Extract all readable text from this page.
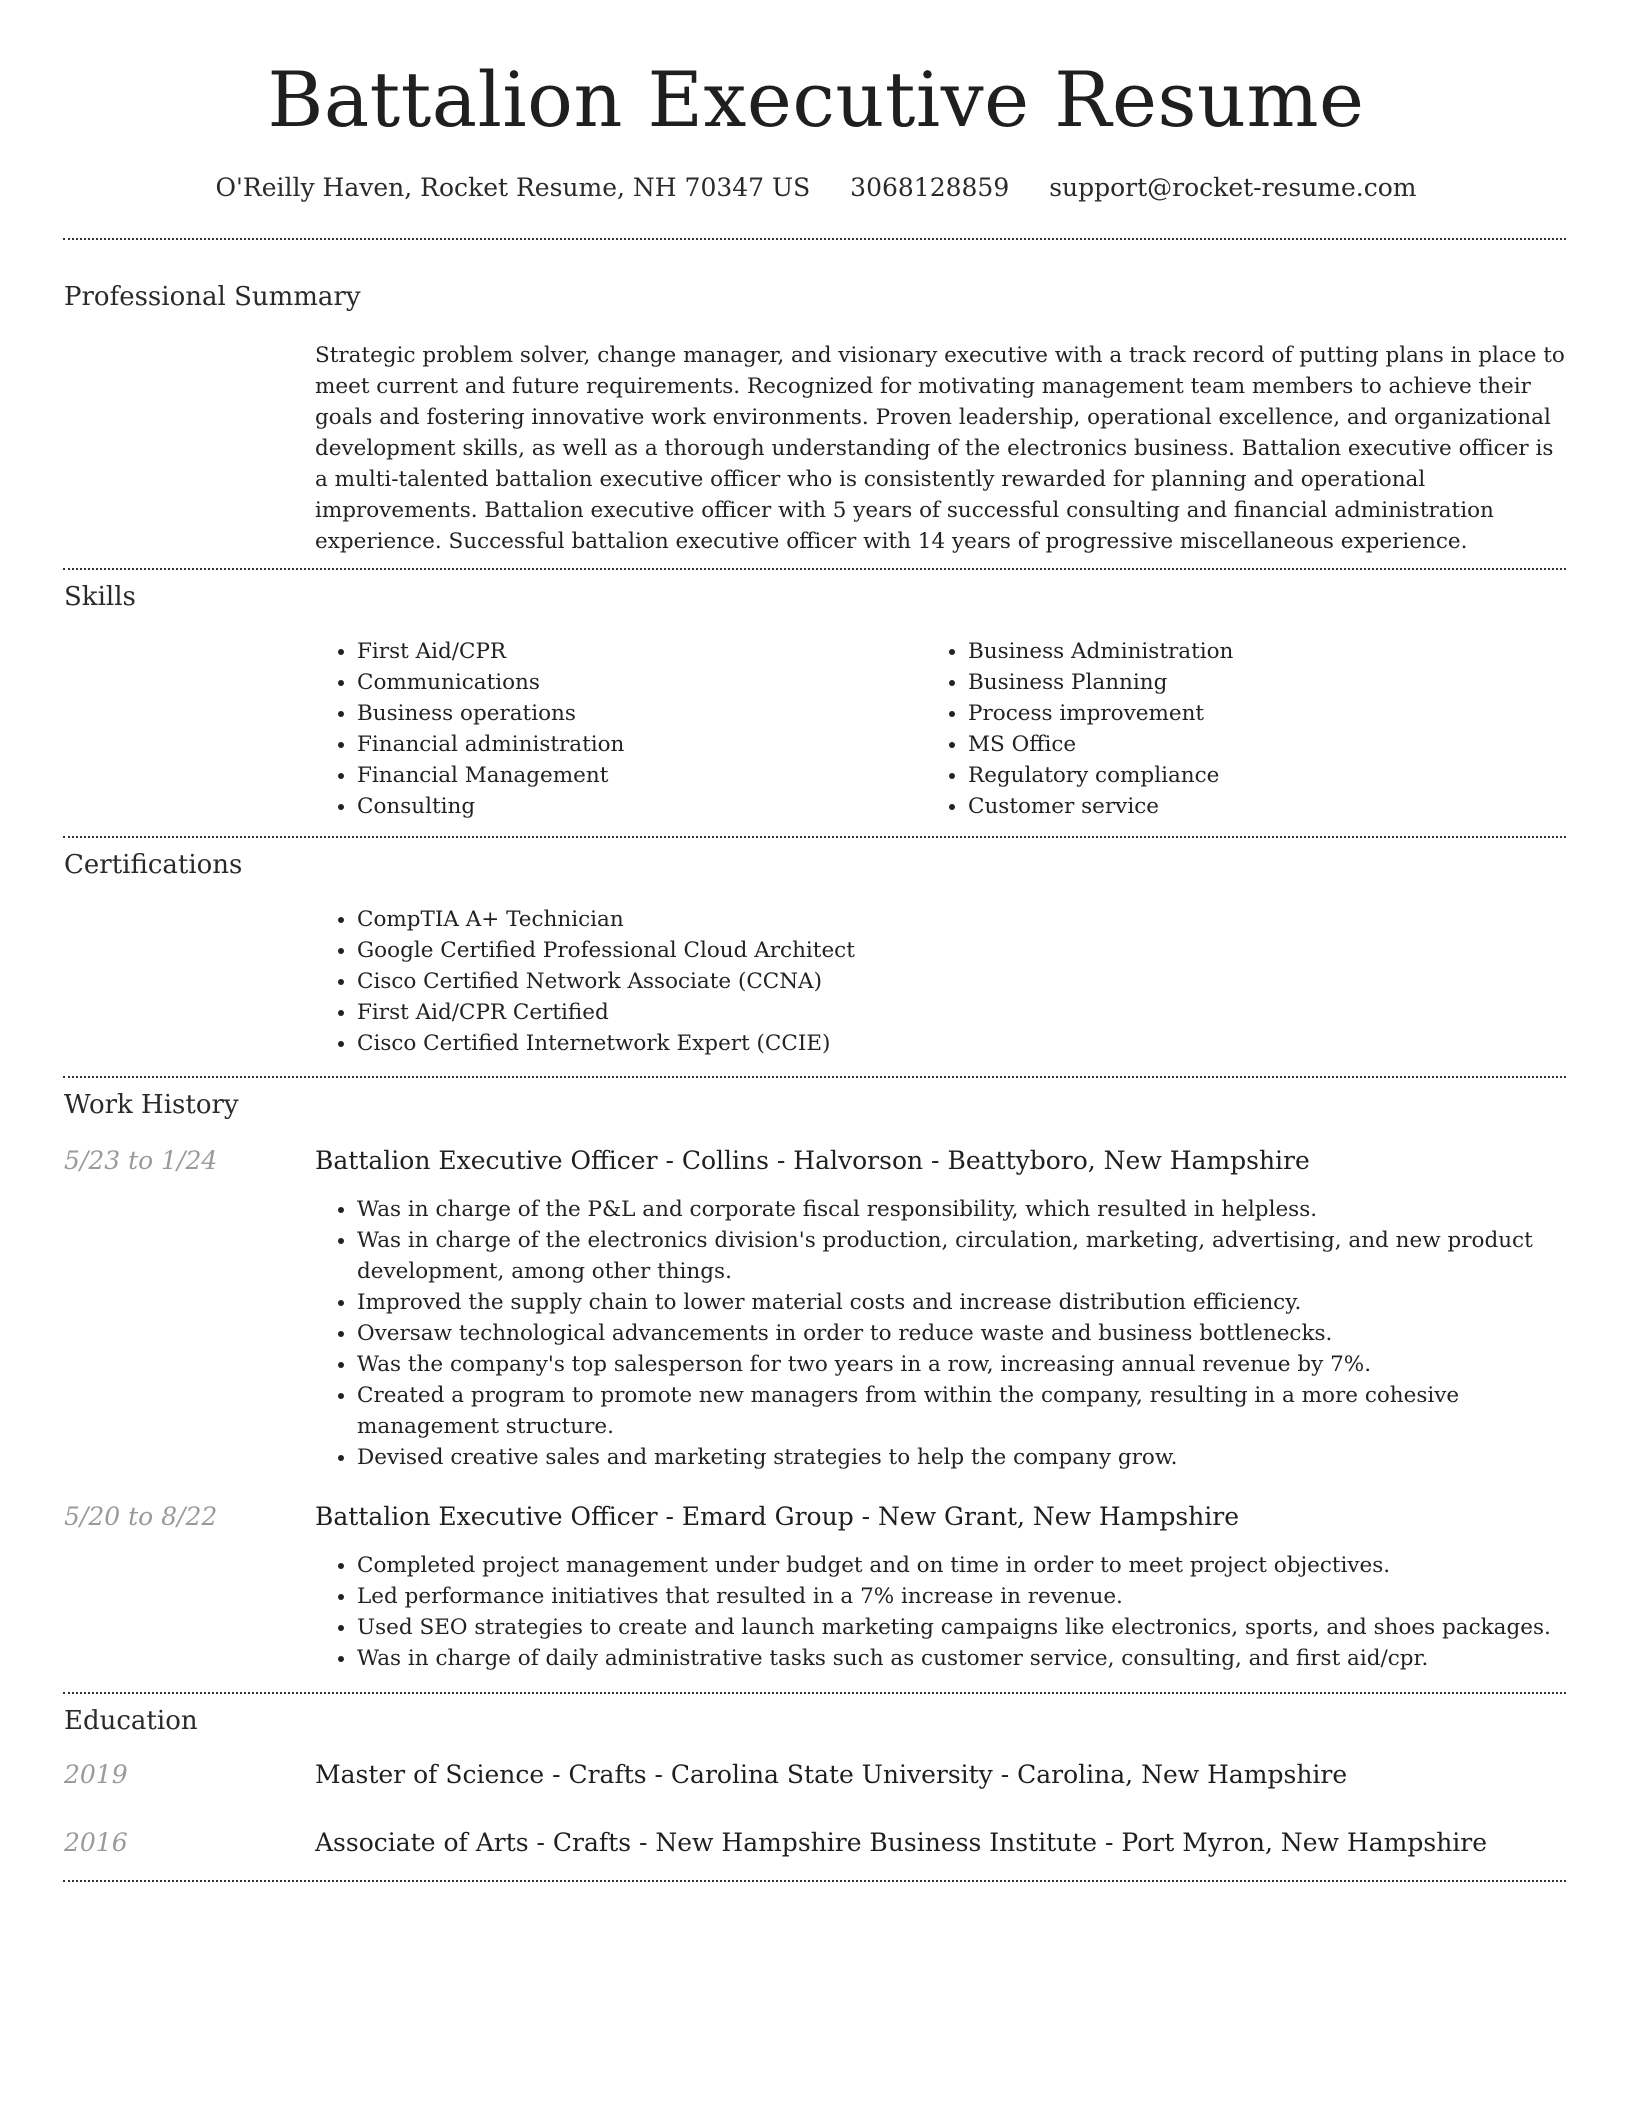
Battalion Executive Resume
O'Reilly Haven, Rocket Resume, NH 70347 US 3068128859 support@rocket-resume.com
Professional Summary
Strategic problem solver, change manager, and visionary executive with a track record of putting plans in place to meet current and future requirements. Recognized for motivating management team members to achieve their goals and fostering innovative work environments. Proven leadership, operational excellence, and organizational development skills, as well as a thorough understanding of the electronics business. Battalion executive officer is a multi-talented battalion executive officer who is consistently rewarded for planning and operational improvements. Battalion executive officer with 5 years of successful consulting and financial administration experience. Successful battalion executive officer with 14 years of progressive miscellaneous experience.
Skills
• First Aid/CPR
• Communications
• Business operations
• Financial administration
• Financial Management
• Consulting
• Business Administration
• Business Planning
• Process improvement
• MS Office
• Regulatory compliance
• Customer service
Certifications
• CompTIA A+ Technician
• Google Certified Professional Cloud Architect
• Cisco Certified Network Associate (CCNA)
• First Aid/CPR Certified
• Cisco Certified Internetwork Expert (CCIE)
Work History
5/23 to 1/24	Battalion Executive Officer - Collins - Halvorson - Beattyboro, New Hampshire
• Was in charge of the P&L and corporate fiscal responsibility, which resulted in helpless.
• Was in charge of the electronics division's production, circulation, marketing, advertising, and new product development, among other things.
• Improved the supply chain to lower material costs and increase distribution efficiency.
• Oversaw technological advancements in order to reduce waste and business bottlenecks.
• Was the company's top salesperson for two years in a row, increasing annual revenue by 7%.
• Created a program to promote new managers from within the company, resulting in a more cohesive management structure.
• Devised creative sales and marketing strategies to help the company grow.
5/20 to 8/22	Battalion Executive Officer - Emard Group - New Grant, New Hampshire
• Completed project management under budget and on time in order to meet project objectives.
• Led performance initiatives that resulted in a 7% increase in revenue.
• Used SEO strategies to create and launch marketing campaigns like electronics, sports, and shoes packages.
• Was in charge of daily administrative tasks such as customer service, consulting, and first aid/cpr.
Education
2019	Master of Science - Crafts - Carolina State University - Carolina, New Hampshire
2016	Associate of Arts - Crafts - New Hampshire Business Institute - Port Myron, New Hampshire
